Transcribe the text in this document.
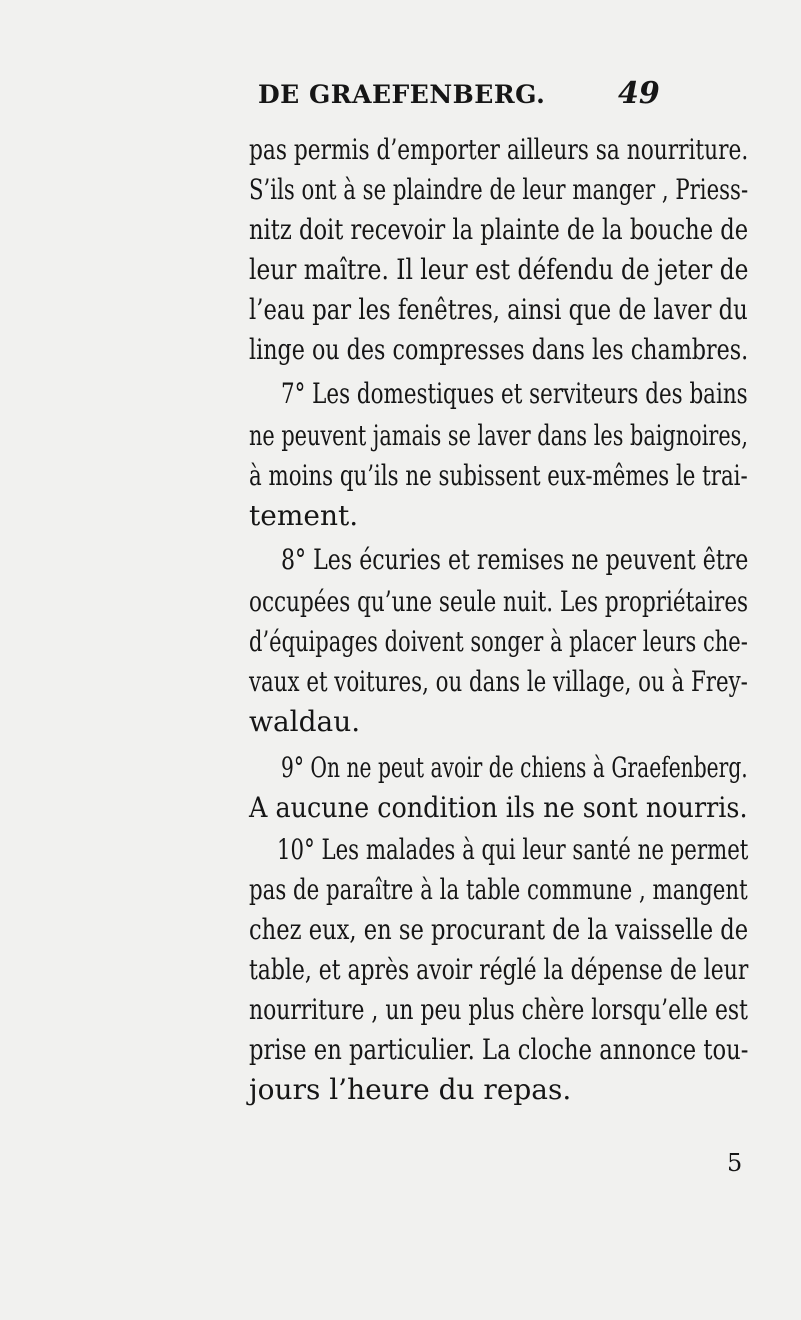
DE GRAEFENBERG. 49
pas permis d’emporter ailleurs sa nourriture.
S’ils ont à se plaindre de leur manger , Priess-
nitz doit recevoir la plainte de la bouche de
leur maître. Il leur est défendu de jeter de
l’eau par les fenêtres, ainsi que de laver du
linge ou des compresses dans les chambres.
7° Les domestiques et serviteurs des bains
ne peuvent jamais se laver dans les baignoires,
à moins qu’ils ne subissent eux-mêmes le trai-
tement.
8° Les écuries et remises ne peuvent être
occupées qu’une seule nuit. Les propriétaires
d’équipages doivent songer à placer leurs che-
vaux et voitures, ou dans le village, ou à Frey-
waldau.
9° On ne peut avoir de chiens à Graefenberg.
A aucune condition ils ne sont nourris.
10° Les malades à qui leur santé ne permet
pas de paraître à la table commune , mangent
chez eux, en se procurant de la vaisselle de
table, et après avoir réglé la dépense de leur
nourriture , un peu plus chère lorsqu’elle est
prise en particulier. La cloche annonce tou-
jours l’heure du repas.
5
